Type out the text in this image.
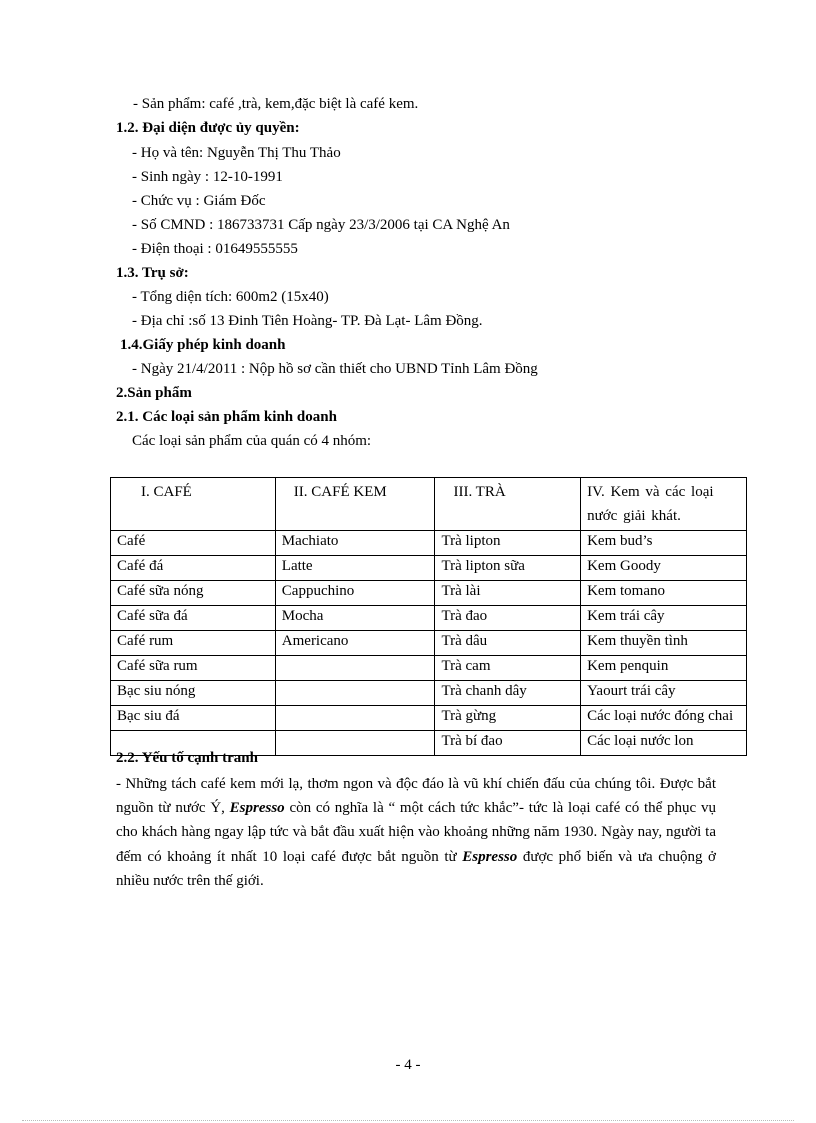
- Sản phẩm: café ,trà, kem,đặc biệt là café kem.
1.2. Đại diện được ủy quyền:
- Họ và tên: Nguyễn Thị Thu Thảo
- Sinh ngày : 12-10-1991
- Chức vụ : Giám Đốc
- Số CMND : 186733731 Cấp ngày 23/3/2006 tại CA Nghệ An
- Điện thoại : 01649555555
1.3. Trụ sở:
- Tổng diện tích: 600m2 (15x40)
- Địa chỉ :số 13 Đinh Tiên Hoàng- TP. Đà Lạt- Lâm Đồng.
1.4.Giấy phép kinh doanh
- Ngày 21/4/2011 : Nộp hồ sơ cần thiết cho UBND Tỉnh Lâm Đồng
2.Sản phẩm
2.1. Các loại sản phẩm kinh doanh
Các loại sản phẩm của quán có 4 nhóm:
I. CAFÉ	II. CAFÉ KEM	III. TRÀ	IV. Kem và các loại nước giải khát.
Café	Machiato	Trà lipton	Kem bud’s
Café đá	Latte	Trà lipton sữa	Kem Goody
Café sữa nóng	Cappuchino	Trà lài	Kem tomano
Café sữa đá	Mocha	Trà đao	Kem trái cây
Café rum	Americano	Trà dâu	Kem thuyền tình
Café sữa rum		Trà cam	Kem penquin
Bạc siu nóng		Trà chanh dây	Yaourt trái cây
Bạc siu đá		Trà gừng	Các loại nước đóng chai
		Trà bí đao	Các loại nước lon
2.2. Yếu tố cạnh tranh
- Những tách café kem mới lạ, thơm ngon và độc đáo là vũ khí chiến đấu của chúng tôi. Được bắt nguồn từ nước Ý, Espresso còn có nghĩa là “ một cách tức khắc”- tức là loại café có thể phục vụ cho khách hàng ngay lập tức và bắt đầu xuất hiện vào khoảng những năm 1930. Ngày nay, người ta đếm có khoảng ít nhất 10 loại café được bắt nguồn từ Espresso được phổ biến và ưa chuộng ở nhiều nước trên thế giới.
- 4 -
